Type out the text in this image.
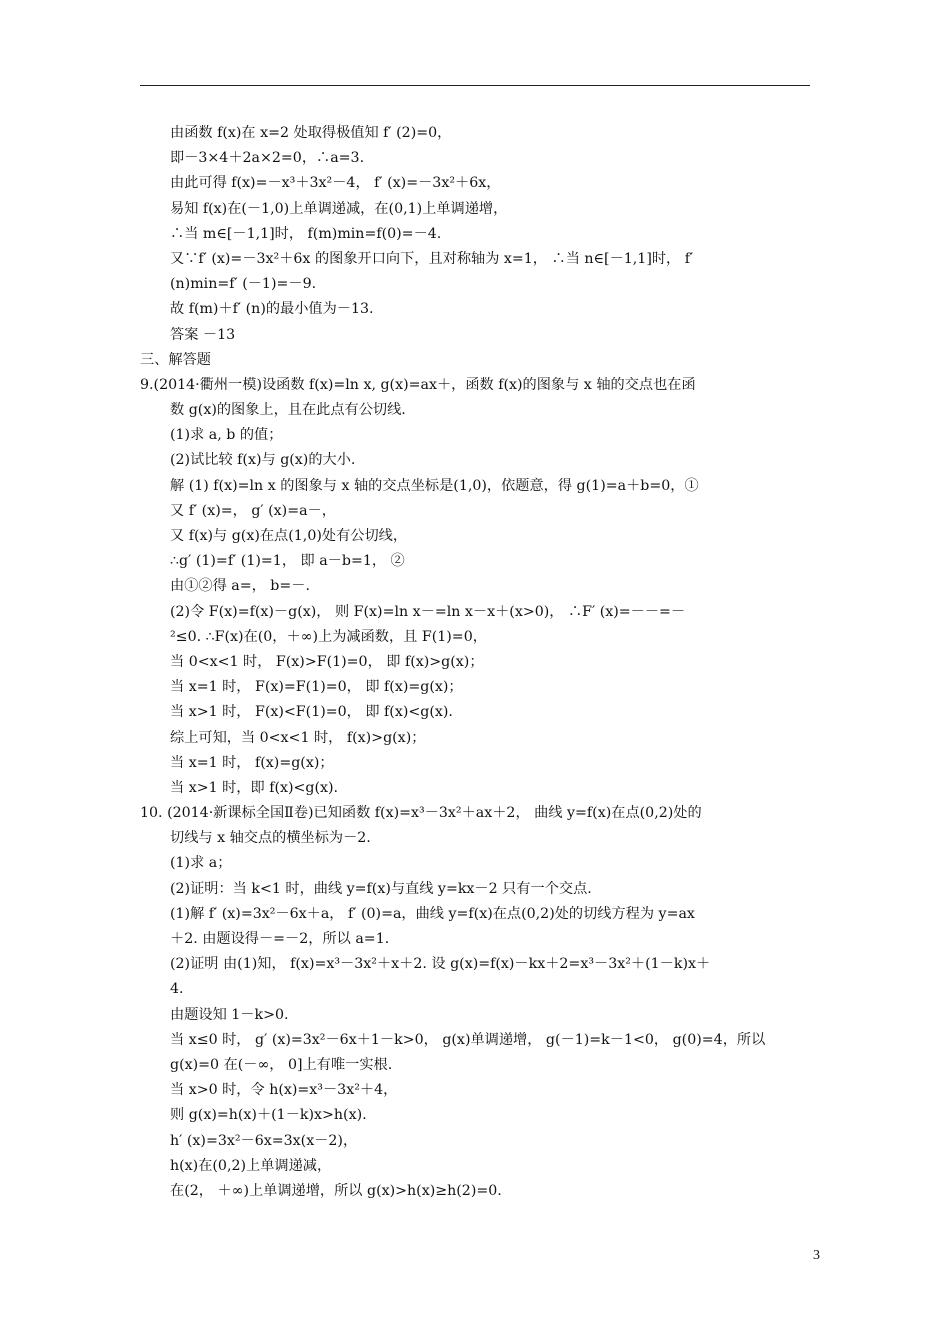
由函数 f(x)在 x=2 处取得极值知 f′ (2)=0，
即－3×4＋2a×2=0，∴a=3.
由此可得 f(x)=－x³＋3x²－4， f′ (x)=－3x²＋6x，
易知 f(x)在(－1,0)上单调递减，在(0,1)上单调递增，
∴当 m∈[－1,1]时， f(m)min=f(0)=－4.
又∵f′ (x)=－3x²＋6x 的图象开口向下，且对称轴为 x=1， ∴当 n∈[－1,1]时， f′
(n)min=f′ (－1)=－9.
故 f(m)＋f′ (n)的最小值为－13.
答案 －13
三、解答题
9.(2014·衢州一模)设函数 f(x)=ln x, g(x)=ax＋，函数 f(x)的图象与 x 轴的交点也在函
数 g(x)的图象上，且在此点有公切线.
(1)求 a, b 的值；
(2)试比较 f(x)与 g(x)的大小.
解 (1) f(x)=ln x 的图象与 x 轴的交点坐标是(1,0)，依题意，得 g(1)=a＋b=0，①
又 f′ (x)=， g′ (x)=a－，
又 f(x)与 g(x)在点(1,0)处有公切线，
∴g′ (1)=f′ (1)=1， 即 a－b=1， ②
由①②得 a=， b=－.
(2)令 F(x)=f(x)－g(x)， 则 F(x)=ln x－=ln x－x＋(x>0)， ∴F′ (x)=－－=－
²≤0. ∴F(x)在(0，＋∞)上为减函数，且 F(1)=0，
当 0<x<1 时， F(x)>F(1)=0， 即 f(x)>g(x)；
当 x=1 时， F(x)=F(1)=0， 即 f(x)=g(x)；
当 x>1 时， F(x)<F(1)=0， 即 f(x)<g(x).
综上可知，当 0<x<1 时， f(x)>g(x)；
当 x=1 时， f(x)=g(x)；
当 x>1 时，即 f(x)<g(x).
10. (2014·新课标全国Ⅱ卷)已知函数 f(x)=x³－3x²＋ax＋2， 曲线 y=f(x)在点(0,2)处的
切线与 x 轴交点的横坐标为－2.
(1)求 a；
(2)证明：当 k<1 时，曲线 y=f(x)与直线 y=kx－2 只有一个交点.
(1)解 f′ (x)=3x²－6x＋a， f′ (0)=a，曲线 y=f(x)在点(0,2)处的切线方程为 y=ax
＋2. 由题设得－=－2，所以 a=1.
(2)证明 由(1)知， f(x)=x³－3x²＋x＋2. 设 g(x)=f(x)－kx＋2=x³－3x²＋(1－k)x＋
4.
由题设知 1－k>0.
当 x≤0 时， g′ (x)=3x²－6x＋1－k>0， g(x)单调递增， g(－1)=k－1<0， g(0)=4，所以
g(x)=0 在(－∞， 0]上有唯一实根.
当 x>0 时，令 h(x)=x³－3x²＋4，
则 g(x)=h(x)＋(1－k)x>h(x).
h′ (x)=3x²－6x=3x(x－2)，
h(x)在(0,2)上单调递减，
在(2， ＋∞)上单调递增，所以 g(x)>h(x)≥h(2)=0.
3
